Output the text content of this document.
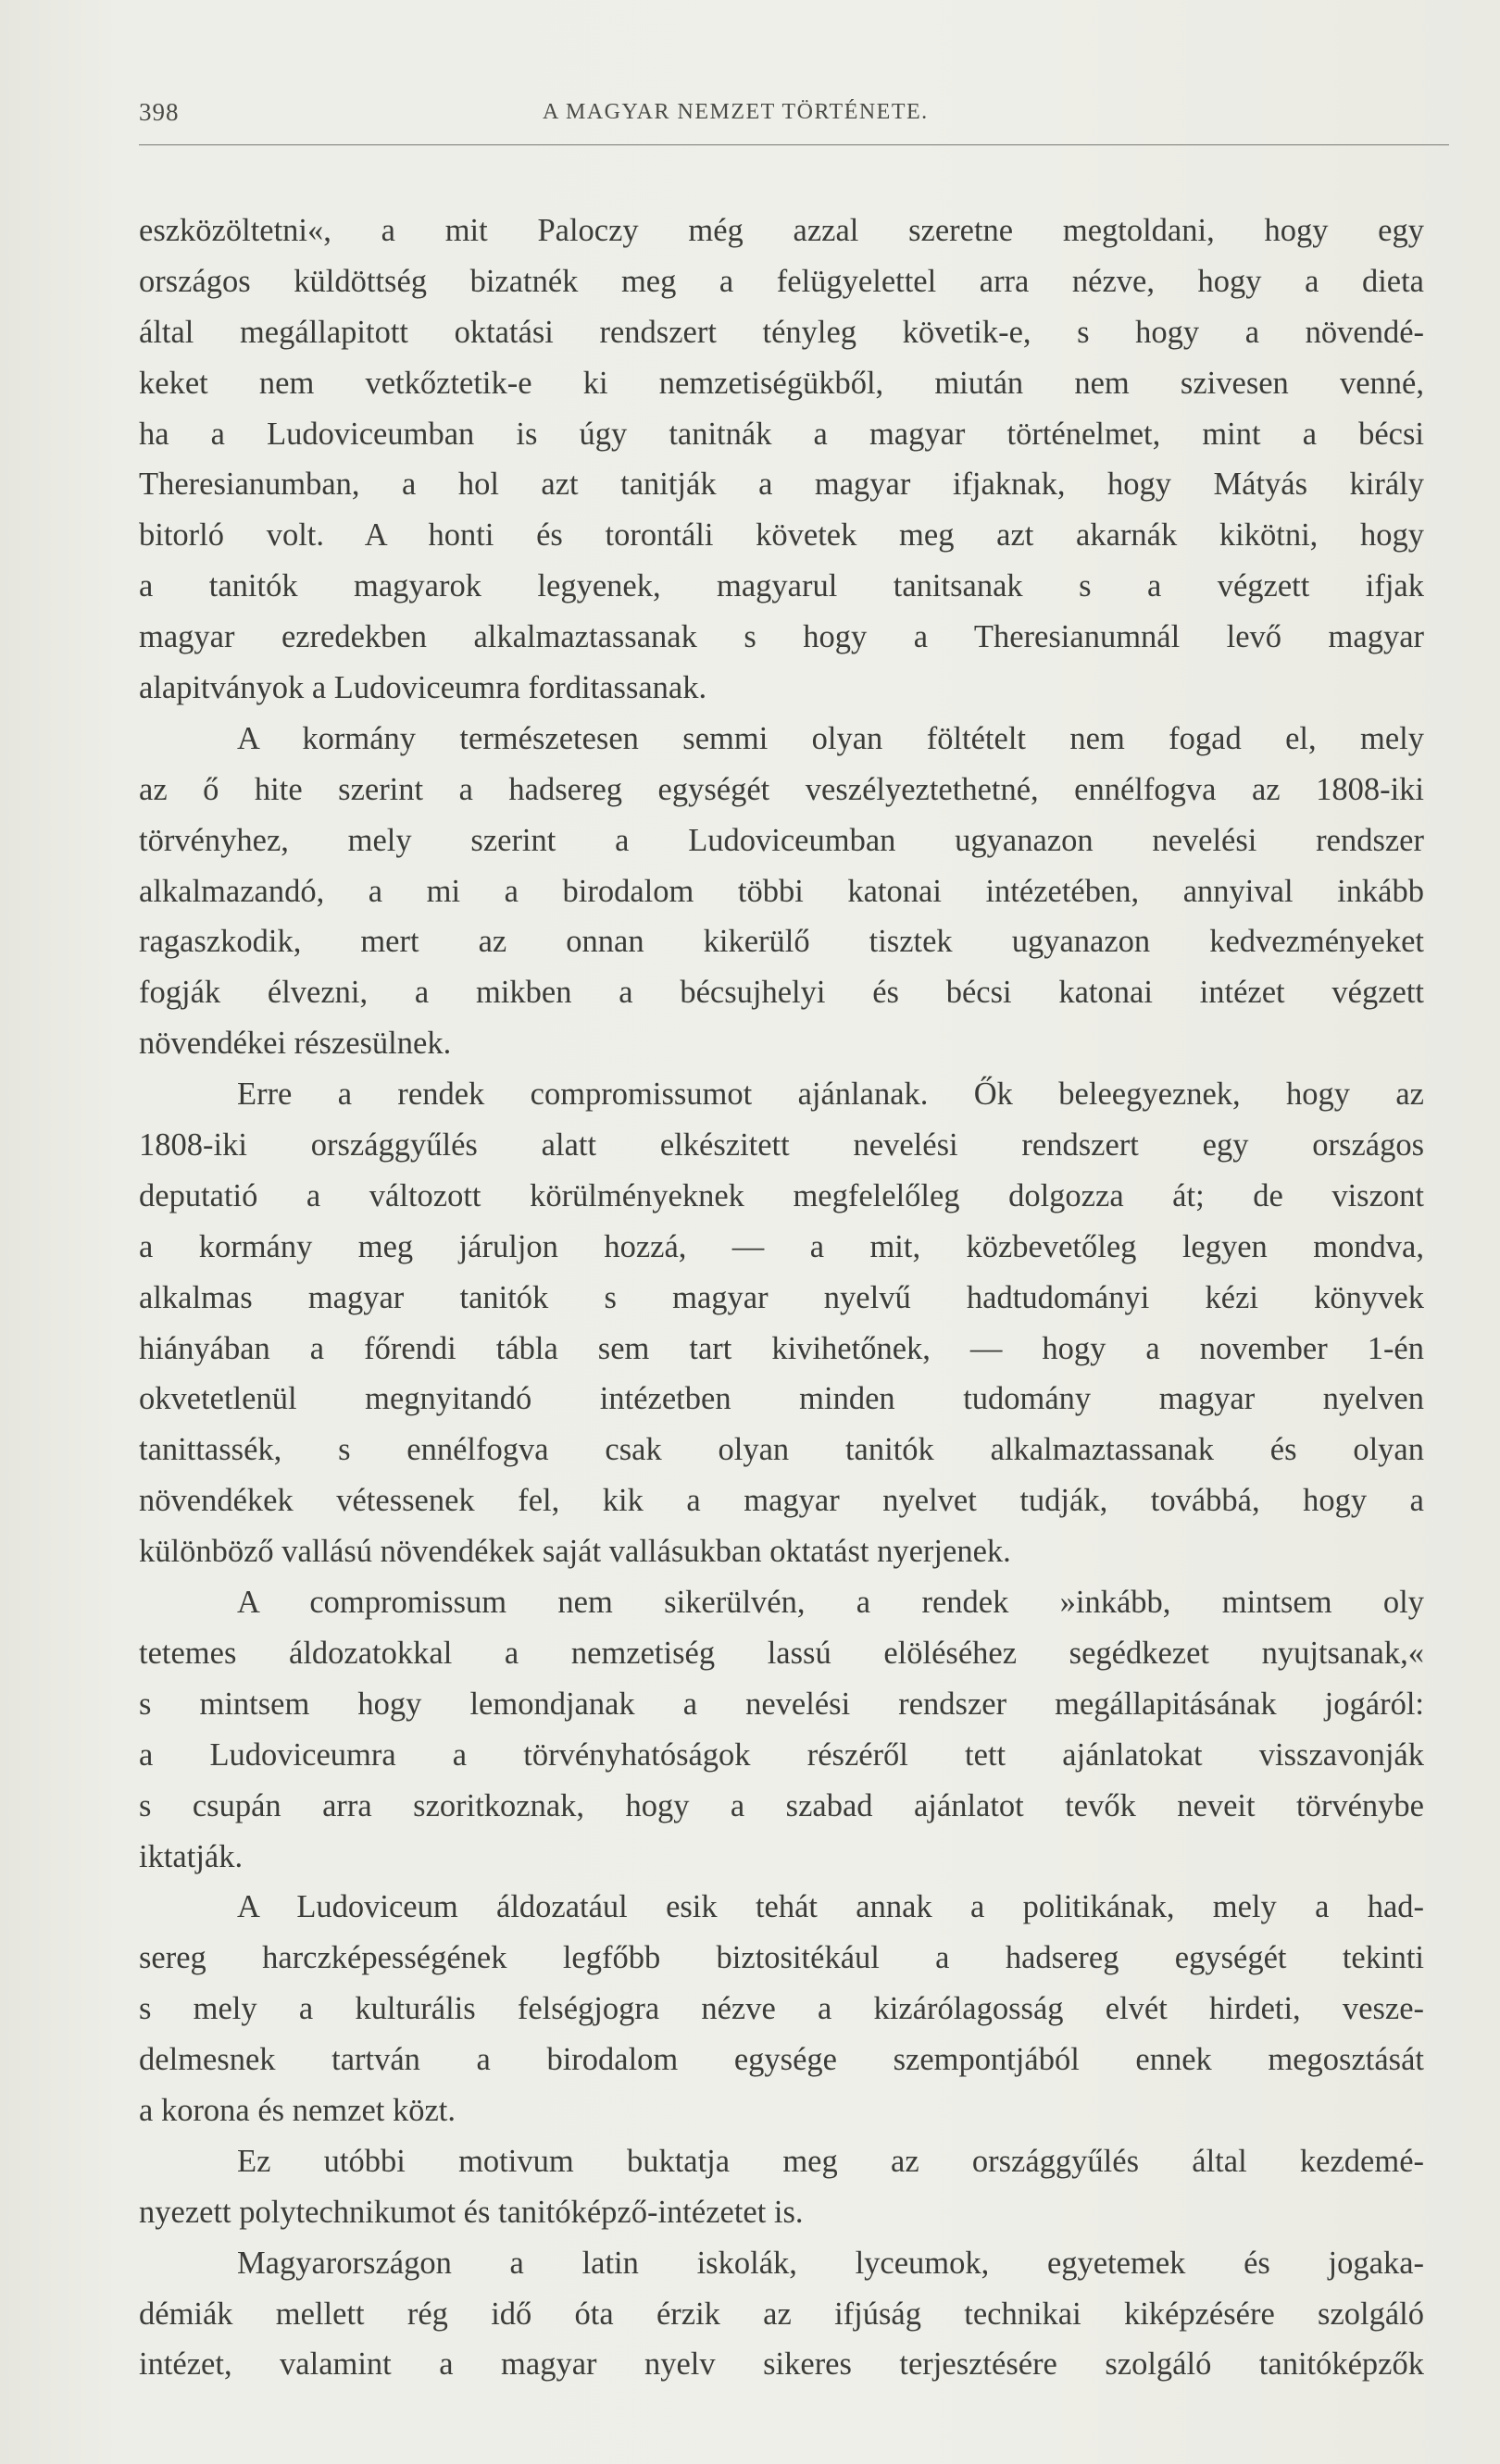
398	A MAGYAR NEMZET TÖRTÉNETE.
eszközöltetni«, a mit Paloczy még azzal szeretne megtoldani, hogy egy
országos küldöttség bizatnék meg a felügyelettel arra nézve, hogy a dieta
által megállapitott oktatási rendszert tényleg követik-e, s hogy a növendé-
keket nem vetkőztetik-e ki nemzetiségükből, miután nem szivesen venné,
ha a Ludoviceumban is úgy tanitnák a magyar történelmet, mint a bécsi
Theresianumban, a hol azt tanitják a magyar ifjaknak, hogy Mátyás király
bitorló volt. A honti és torontáli követek meg azt akarnák kikötni, hogy
a tanitók magyarok legyenek, magyarul tanitsanak s a végzett ifjak
magyar ezredekben alkalmaztassanak s hogy a Theresianumnál levő magyar
alapitványok a Ludoviceumra forditassanak.
A kormány természetesen semmi olyan föltételt nem fogad el, mely
az ő hite szerint a hadsereg egységét veszélyeztethetné, ennélfogva az 1808-iki
törvényhez, mely szerint a Ludoviceumban ugyanazon nevelési rendszer
alkalmazandó, a mi a birodalom többi katonai intézetében, annyival inkább
ragaszkodik, mert az onnan kikerülő tisztek ugyanazon kedvezményeket
fogják élvezni, a mikben a bécsujhelyi és bécsi katonai intézet végzett
növendékei részesülnek.
Erre a rendek compromissumot ajánlanak. Ők beleegyeznek, hogy az
1808-iki országgyűlés alatt elkészitett nevelési rendszert egy országos
deputatió a változott körülményeknek megfelelőleg dolgozza át; de viszont
a kormány meg járuljon hozzá, — a mit, közbevetőleg legyen mondva,
alkalmas magyar tanitók s magyar nyelvű hadtudományi kézi könyvek
hiányában a főrendi tábla sem tart kivihetőnek, — hogy a november 1-én
okvetetlenül megnyitandó intézetben minden tudomány magyar nyelven
tanittassék, s ennélfogva csak olyan tanitók alkalmaztassanak és olyan
növendékek vétessenek fel, kik a magyar nyelvet tudják, továbbá, hogy a
különböző vallású növendékek saját vallásukban oktatást nyerjenek.
A compromissum nem sikerülvén, a rendek »inkább, mintsem oly
tetemes áldozatokkal a nemzetiség lassú elöléséhez segédkezet nyujtsanak,«
s mintsem hogy lemondjanak a nevelési rendszer megállapitásának jogáról:
a Ludoviceumra a törvényhatóságok részéről tett ajánlatokat visszavonják
s csupán arra szoritkoznak, hogy a szabad ajánlatot tevők neveit törvénybe
iktatják.
A Ludoviceum áldozatául esik tehát annak a politikának, mely a had-
sereg harczképességének legfőbb biztositékául a hadsereg egységét tekinti
s mely a kulturális felségjogra nézve a kizárólagosság elvét hirdeti, vesze-
delmesnek tartván a birodalom egysége szempontjából ennek megosztását
a korona és nemzet közt.
Ez utóbbi motivum buktatja meg az országgyűlés által kezdemé-
nyezett polytechnikumot és tanitóképző-intézetet is.
Magyarországon a latin iskolák, lyceumok, egyetemek és jogaka-
démiák mellett rég idő óta érzik az ifjúság technikai kiképzésére szolgáló
intézet, valamint a magyar nyelv sikeres terjesztésére szolgáló tanitóképzők
